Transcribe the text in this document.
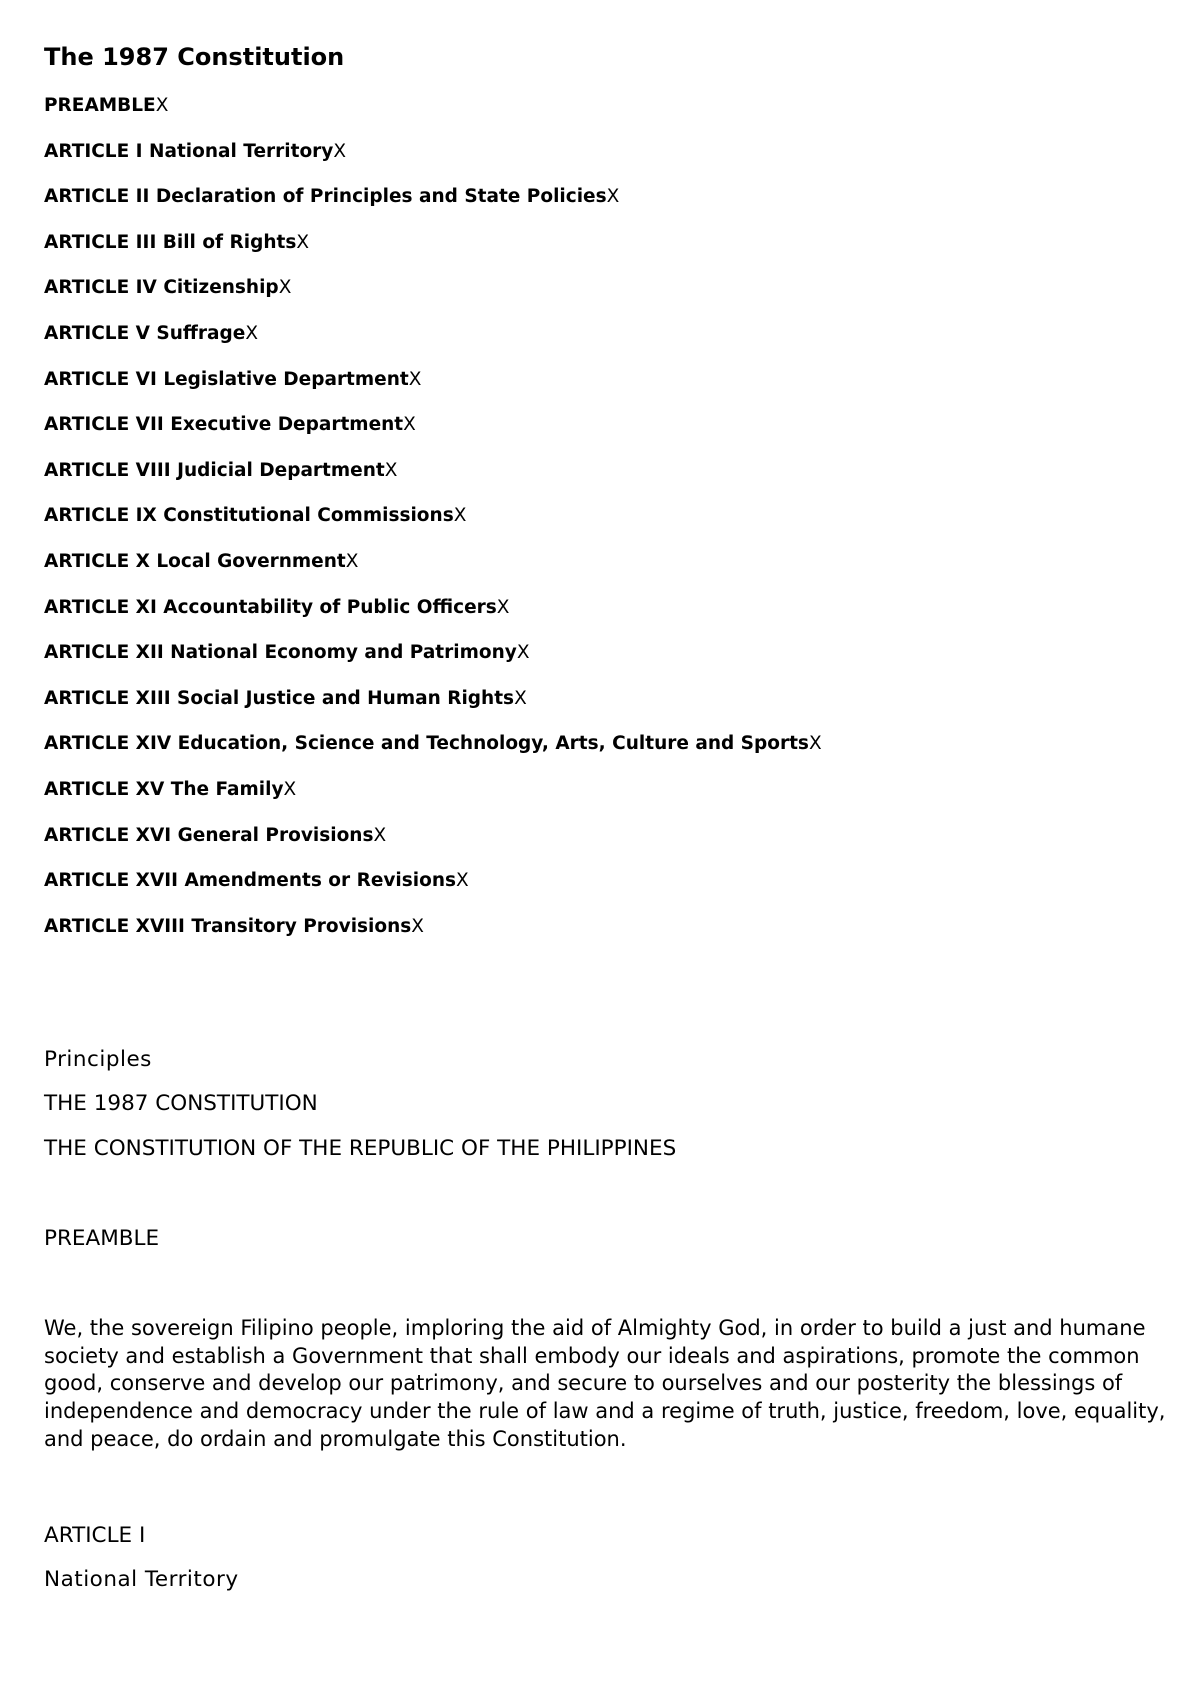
The 1987 Constitution
PREAMBLEX
ARTICLE I National TerritoryX
ARTICLE II Declaration of Principles and State PoliciesX
ARTICLE III Bill of RightsX
ARTICLE IV CitizenshipX
ARTICLE V SuffrageX
ARTICLE VI Legislative DepartmentX
ARTICLE VII Executive DepartmentX
ARTICLE VIII Judicial DepartmentX
ARTICLE IX Constitutional CommissionsX
ARTICLE X Local GovernmentX
ARTICLE XI Accountability of Public OfficersX
ARTICLE XII National Economy and PatrimonyX
ARTICLE XIII Social Justice and Human RightsX
ARTICLE XIV Education, Science and Technology, Arts, Culture and SportsX
ARTICLE XV The FamilyX
ARTICLE XVI General ProvisionsX
ARTICLE XVII Amendments or RevisionsX
ARTICLE XVIII Transitory ProvisionsX

Principles

THE 1987 CONSTITUTION

THE CONSTITUTION OF THE REPUBLIC OF THE PHILIPPINES

PREAMBLE

We, the sovereign Filipino people, imploring the aid of Almighty God, in order to build a just and humane society and establish a Government that shall embody our ideals and aspirations, promote the common good, conserve and develop our patrimony, and secure to ourselves and our posterity the blessings of independence and democracy under the rule of law and a regime of truth, justice, freedom, love, equality, and peace, do ordain and promulgate this Constitution.

ARTICLE I

National Territory
